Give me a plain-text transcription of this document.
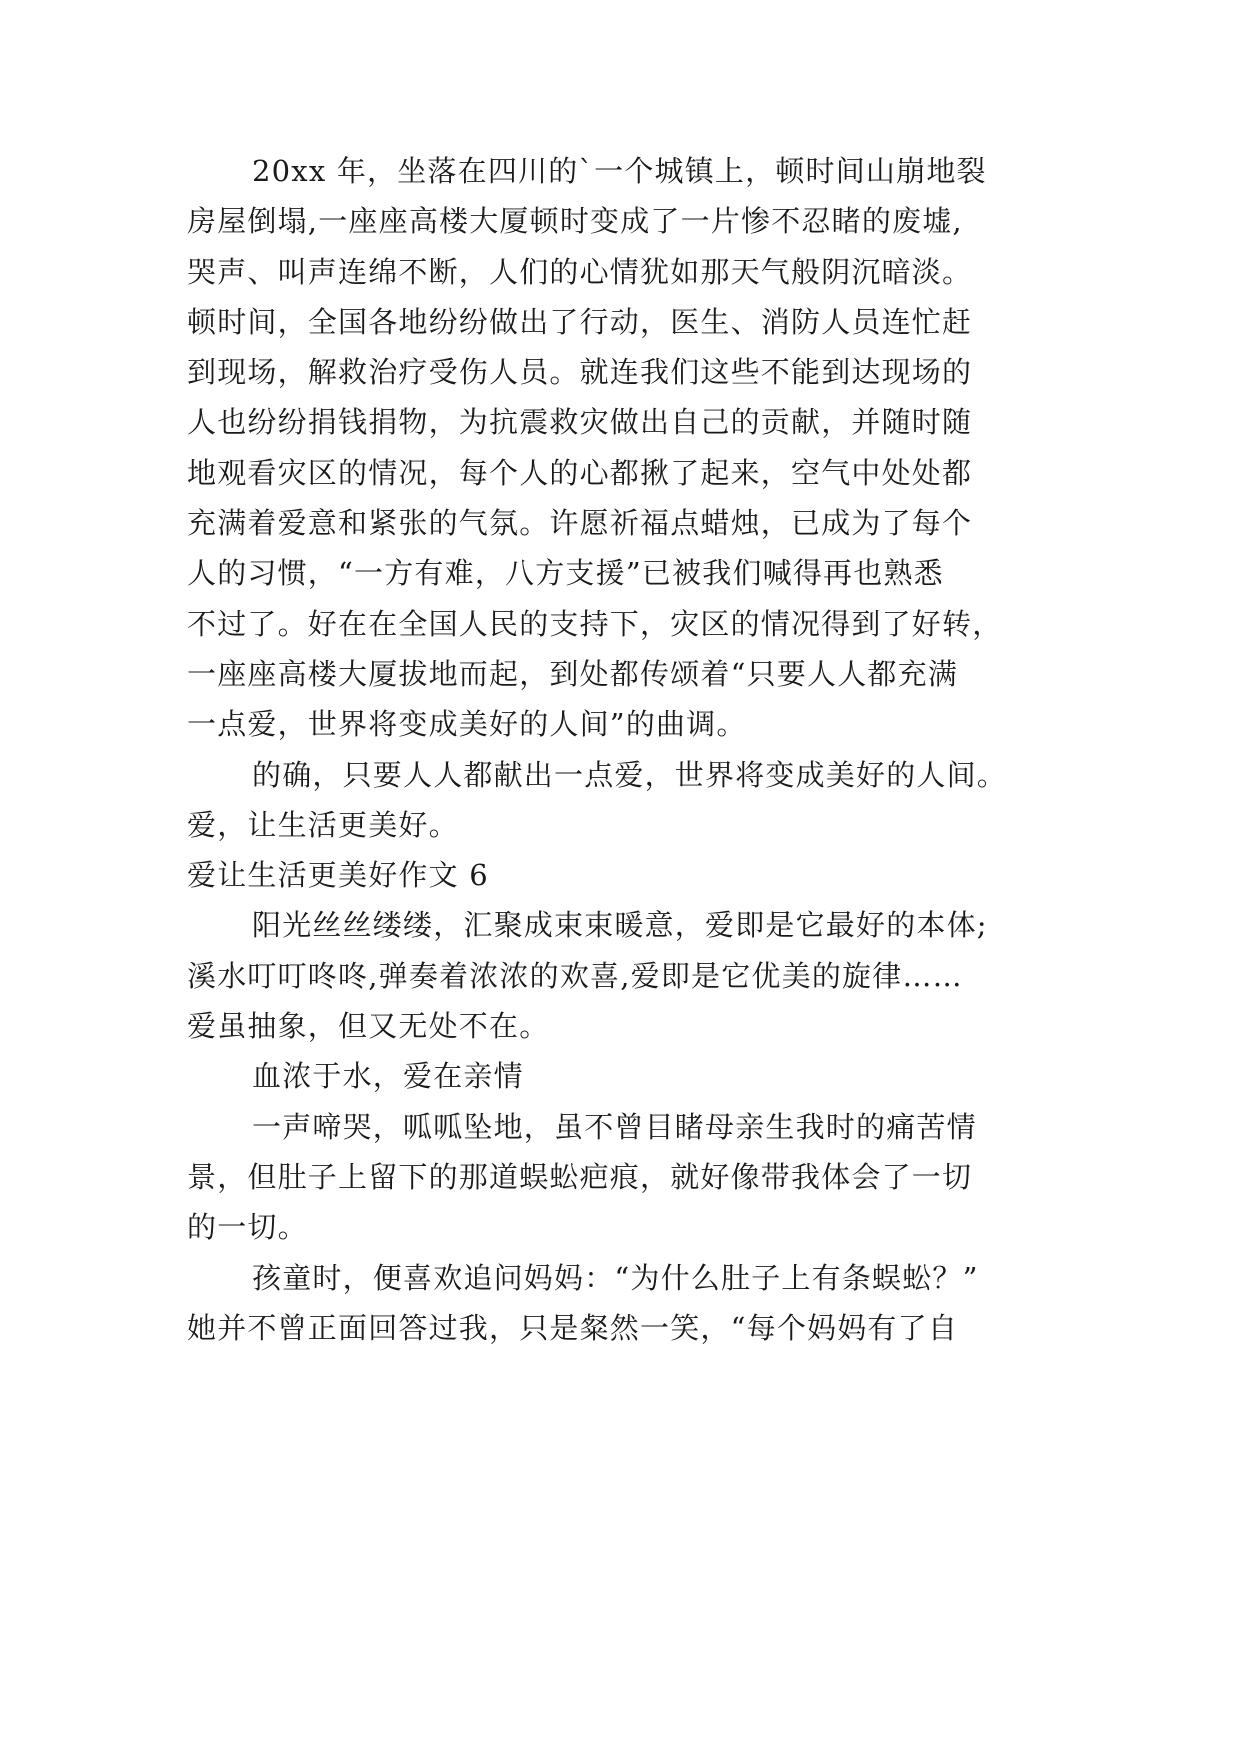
20xx 年，坐落在四川的`一个城镇上，顿时间山崩地裂
房屋倒塌,一座座高楼大厦顿时变成了一片惨不忍睹的废墟,
哭声、叫声连绵不断，人们的心情犹如那天气般阴沉暗淡。
顿时间，全国各地纷纷做出了行动，医生、消防人员连忙赶
到现场，解救治疗受伤人员。就连我们这些不能到达现场的
人也纷纷捐钱捐物，为抗震救灾做出自己的贡献，并随时随
地观看灾区的情况，每个人的心都揪了起来，空气中处处都
充满着爱意和紧张的气氛。许愿祈福点蜡烛，已成为了每个
人的习惯，“一方有难，八方支援”已被我们喊得再也熟悉
不过了。好在在全国人民的支持下，灾区的情况得到了好转，
一座座高楼大厦拔地而起，到处都传颂着“只要人人都充满
一点爱，世界将变成美好的人间”的曲调。
的确，只要人人都献出一点爱，世界将变成美好的人间。
爱，让生活更美好。
爱让生活更美好作文 6
阳光丝丝缕缕，汇聚成束束暖意，爱即是它最好的本体;
溪水叮叮咚咚,弹奏着浓浓的欢喜,爱即是它优美的旋律……
爱虽抽象，但又无处不在。
血浓于水，爱在亲情
一声啼哭，呱呱坠地，虽不曾目睹母亲生我时的痛苦情
景，但肚子上留下的那道蜈蚣疤痕，就好像带我体会了一切
的一切。
孩童时，便喜欢追问妈妈：“为什么肚子上有条蜈蚣？”
她并不曾正面回答过我，只是粲然一笑，“每个妈妈有了自
